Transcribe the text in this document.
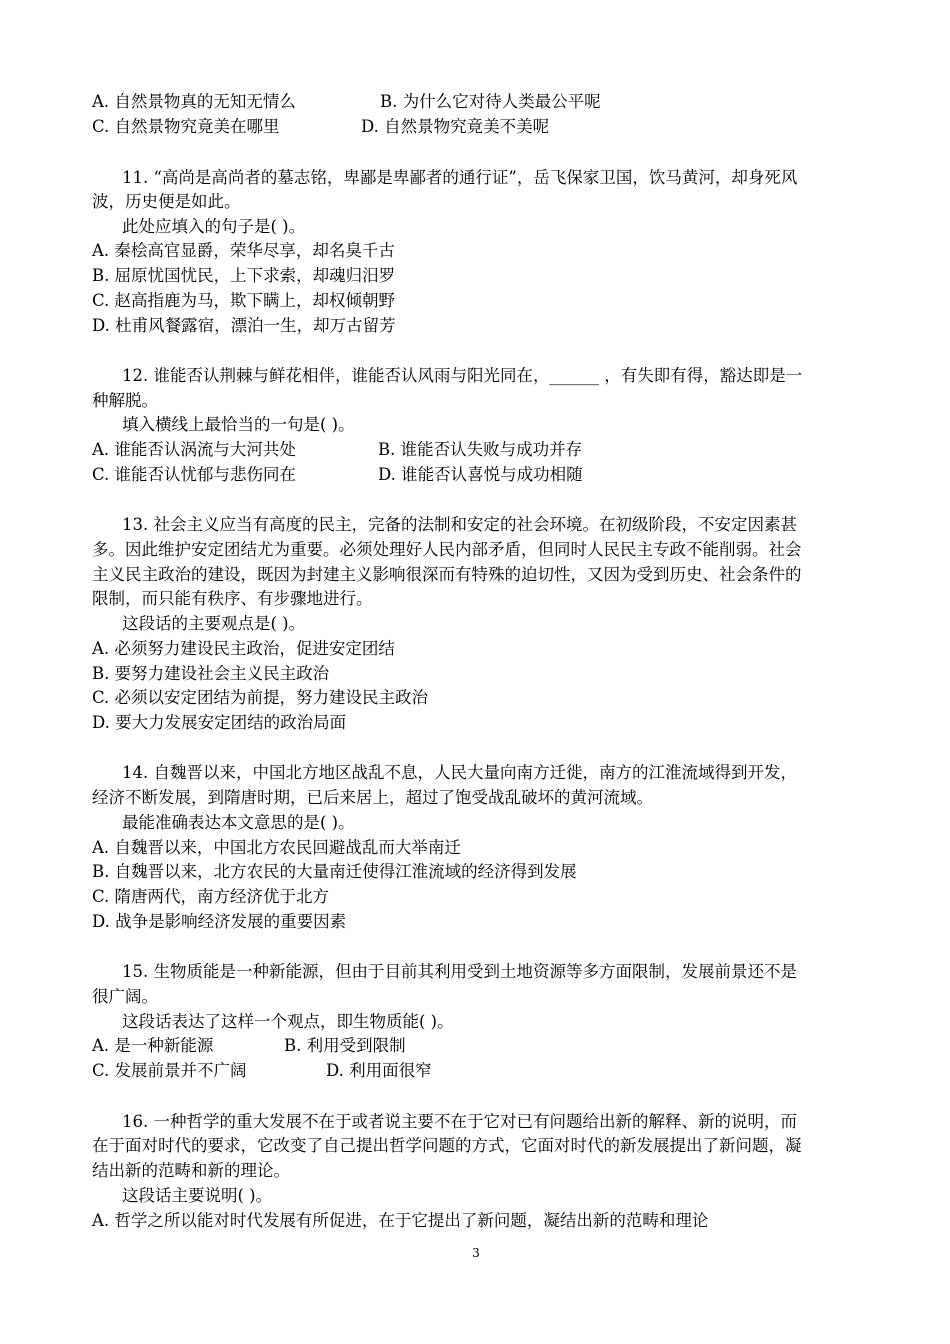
A. 自然景物真的无知无情么	B. 为什么它对待人类最公平呢
C. 自然景物究竟美在哪里	D. 自然景物究竟美不美呢
11. “高尚是高尚者的墓志铭，卑鄙是卑鄙者的通行证”，岳飞保家卫国，饮马黄河，却身死风
波，历史便是如此。
此处应填入的句子是( )。
A. 秦桧高官显爵，荣华尽享，却名臭千古
B. 屈原忧国忧民，上下求索，却魂归汨罗
C. 赵高指鹿为马，欺下瞒上，却权倾朝野
D. 杜甫风餐露宿，漂泊一生，却万古留芳
12. 谁能否认荆棘与鲜花相伴，谁能否认风雨与阳光同在，______ ，有失即有得，豁达即是一
种解脱。
填入横线上最恰当的一句是( )。
A. 谁能否认涡流与大河共处	B. 谁能否认失败与成功并存
C. 谁能否认忧郁与悲伤同在	D. 谁能否认喜悦与成功相随
13. 社会主义应当有高度的民主，完备的法制和安定的社会环境。在初级阶段，不安定因素甚
多。因此维护安定团结尤为重要。必须处理好人民内部矛盾，但同时人民民主专政不能削弱。社会
主义民主政治的建设，既因为封建主义影响很深而有特殊的迫切性，又因为受到历史、社会条件的
限制，而只能有秩序、有步骤地进行。
这段话的主要观点是( )。
A. 必须努力建设民主政治，促进安定团结
B. 要努力建设社会主义民主政治
C. 必须以安定团结为前提，努力建设民主政治
D. 要大力发展安定团结的政治局面
14. 自魏晋以来，中国北方地区战乱不息，人民大量向南方迁徙，南方的江淮流域得到开发，
经济不断发展，到隋唐时期，已后来居上，超过了饱受战乱破坏的黄河流域。
最能准确表达本文意思的是( )。
A. 自魏晋以来，中国北方农民回避战乱而大举南迁
B. 自魏晋以来，北方农民的大量南迁使得江淮流域的经济得到发展
C. 隋唐两代，南方经济优于北方
D. 战争是影响经济发展的重要因素
15. 生物质能是一种新能源，但由于目前其利用受到土地资源等多方面限制，发展前景还不是
很广阔。
这段话表达了这样一个观点，即生物质能( )。
A. 是一种新能源	B. 利用受到限制
C. 发展前景并不广阔	D. 利用面很窄
16. 一种哲学的重大发展不在于或者说主要不在于它对已有问题给出新的解释、新的说明，而
在于面对时代的要求，它改变了自己提出哲学问题的方式，它面对时代的新发展提出了新问题，凝
结出新的范畴和新的理论。
这段话主要说明( )。
A. 哲学之所以能对时代发展有所促进，在于它提出了新问题，凝结出新的范畴和理论
3
